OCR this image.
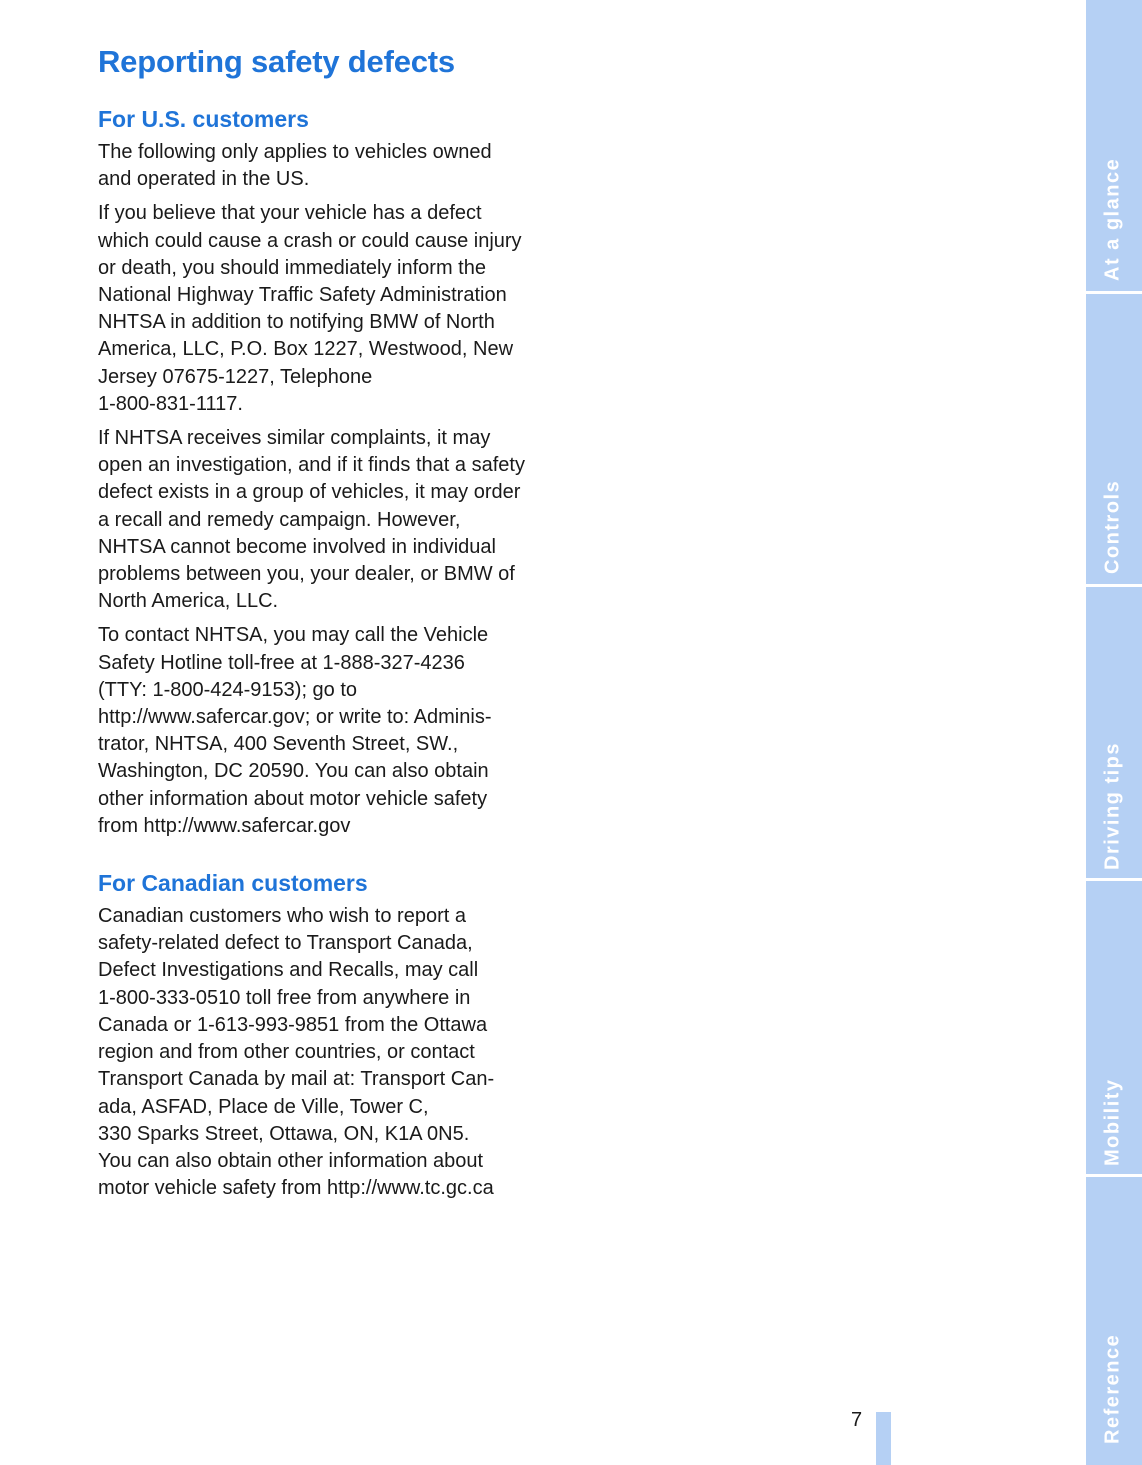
Reporting safety defects
For U.S. customers

The following only applies to vehicles owned
and operated in the US.

If you believe that your vehicle has a defect
which could cause a crash or could cause injury
or death, you should immediately inform the
National Highway Traffic Safety Administration
NHTSA in addition to notifying BMW of North
America, LLC, P.O. Box 1227, Westwood, New
Jersey 07675-1227, Telephone
1-800-831-1117.

If NHTSA receives similar complaints, it may
open an investigation, and if it finds that a safety
defect exists in a group of vehicles, it may order
a recall and remedy campaign. However,
NHTSA cannot become involved in individual
problems between you, your dealer, or BMW of
North America, LLC.

To contact NHTSA, you may call the Vehicle
Safety Hotline toll-free at 1-888-327-4236
(TTY: 1-800-424-9153); go to
http://www.safercar.gov; or write to: Adminis-
trator, NHTSA, 400 Seventh Street, SW.,
Washington, DC 20590. You can also obtain
other information about motor vehicle safety
from http://www.safercar.gov

For Canadian customers

Canadian customers who wish to report a
safety-related defect to Transport Canada,
Defect Investigations and Recalls, may call
1-800-333-0510 toll free from anywhere in
Canada or 1-613-993-9851 from the Ottawa
region and from other countries, or contact
Transport Canada by mail at: Transport Can-
ada, ASFAD, Place de Ville, Tower C,
330 Sparks Street, Ottawa, ON, K1A 0N5.
You can also obtain other information about
motor vehicle safety from http://www.tc.gc.ca

At a glance
Controls
Driving tips
Mobility
Reference
7
